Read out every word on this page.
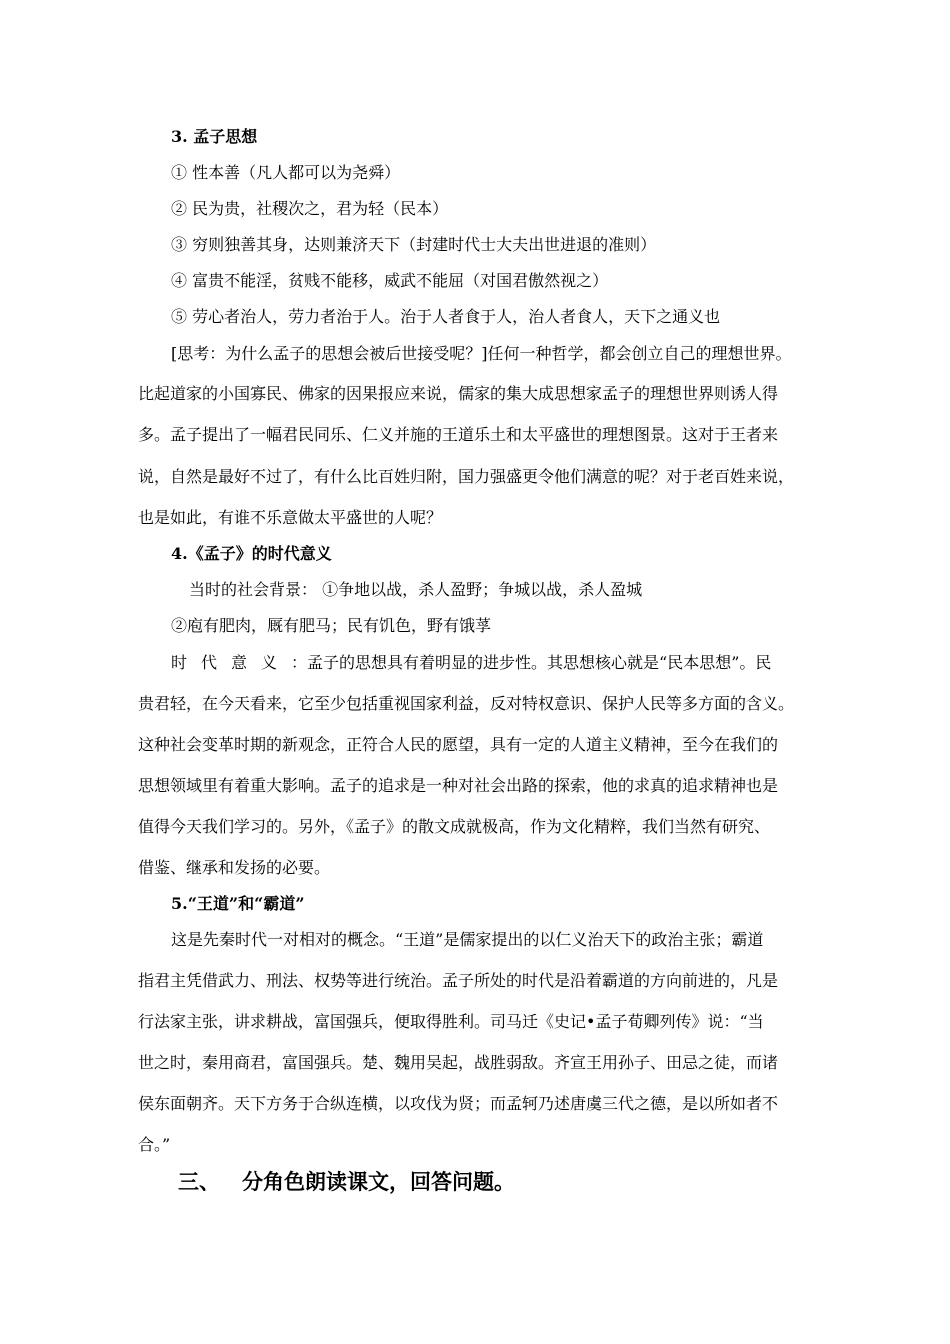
3. 孟子思想
① 性本善（凡人都可以为尧舜）
② 民为贵，社稷次之，君为轻（民本）
③ 穷则独善其身，达则兼济天下（封建时代士大夫出世进退的准则）
④ 富贵不能淫，贫贱不能移，威武不能屈（对国君傲然视之）
⑤ 劳心者治人，劳力者治于人。治于人者食于人，治人者食人，天下之通义也
[思考：为什么孟子的思想会被后世接受呢？]任何一种哲学，都会创立自己的理想世界。
比起道家的小国寡民、佛家的因果报应来说，儒家的集大成思想家孟子的理想世界则诱人得
多。孟子提出了一幅君民同乐、仁义并施的王道乐土和太平盛世的理想图景。这对于王者来
说，自然是最好不过了，有什么比百姓归附，国力强盛更令他们满意的呢？对于老百姓来说，
也是如此，有谁不乐意做太平盛世的人呢？
4.《孟子》的时代意义
当时的社会背景： ①争地以战，杀人盈野；争城以战，杀人盈城
②庖有肥肉，厩有肥马；民有饥色，野有饿莩
时代意义：孟子的思想具有着明显的进步性。其思想核心就是“民本思想”。民
贵君轻，在今天看来，它至少包括重视国家利益，反对特权意识、保护人民等多方面的含义。
这种社会变革时期的新观念，正符合人民的愿望，具有一定的人道主义精神，至今在我们的
思想领域里有着重大影响。孟子的追求是一种对社会出路的探索，他的求真的追求精神也是
值得今天我们学习的。另外，《孟子》的散文成就极高，作为文化精粹，我们当然有研究、
借鉴、继承和发扬的必要。
5.“王道”和“霸道”
这是先秦时代一对相对的概念。“王道”是儒家提出的以仁义治天下的政治主张；霸道
指君主凭借武力、刑法、权势等进行统治。孟子所处的时代是沿着霸道的方向前进的，凡是
行法家主张，讲求耕战，富国强兵，便取得胜利。司马迁《史记•孟子荀卿列传》说：“当
世之时，秦用商君，富国强兵。楚、魏用吴起，战胜弱敌。齐宣王用孙子、田忌之徒，而诸
侯东面朝齐。天下方务于合纵连横，以攻伐为贤；而孟轲乃述唐虞三代之德，是以所如者不
合。”
三、 分角色朗读课文，回答问题。
